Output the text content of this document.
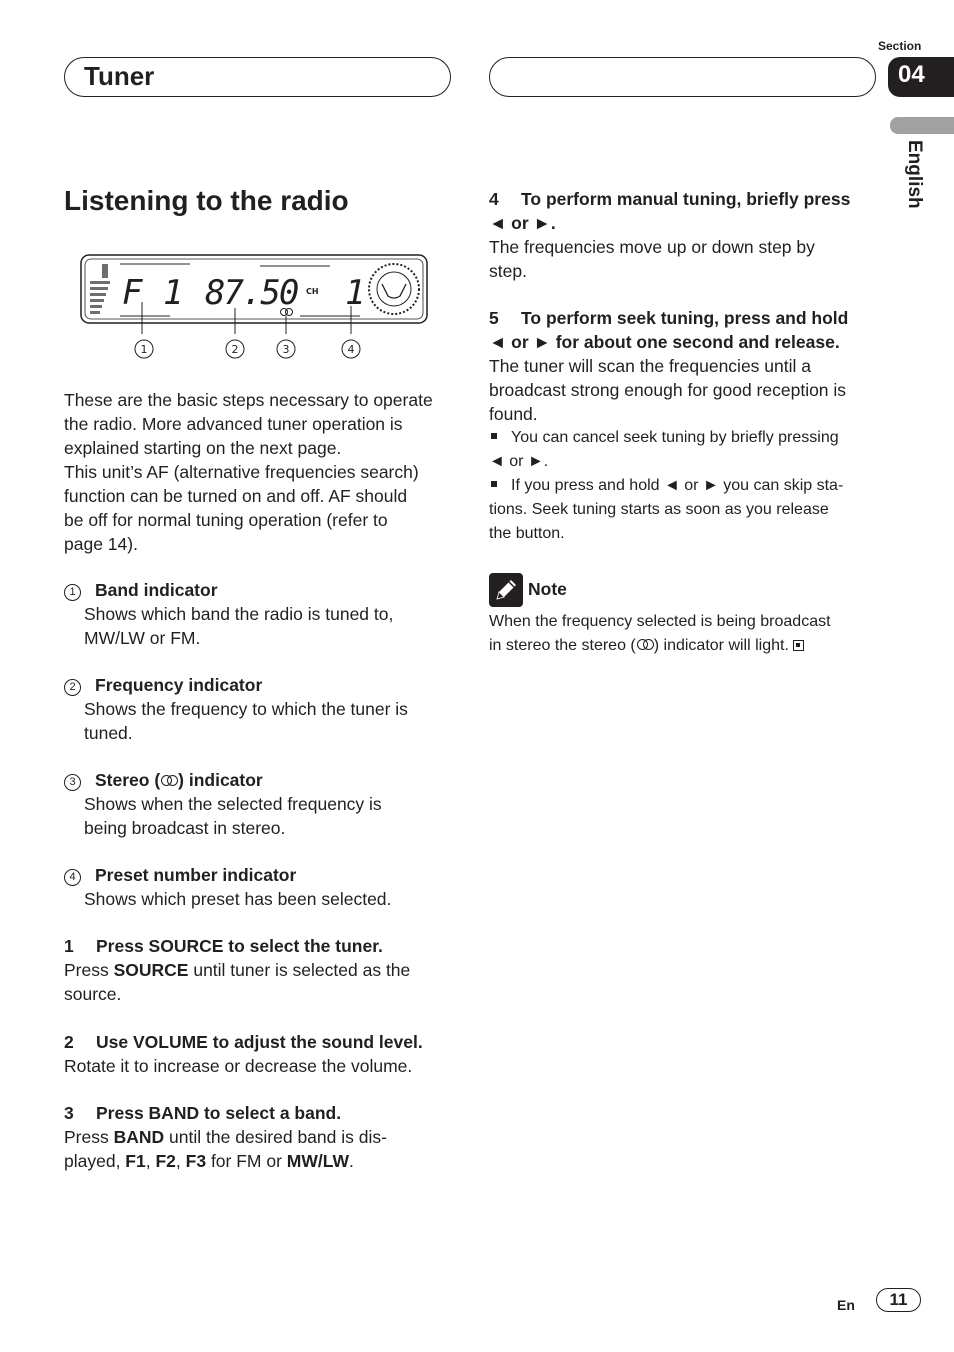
Tuner
Section
04
English
Listening to the radio
F 1 87.50 CH 1
1	2	3	4
These are the basic steps necessary to operate
the radio. More advanced tuner operation is
explained starting on the next page.
This unit’s AF (alternative frequencies search)
function can be turned on and off. AF should
be off for normal tuning operation (refer to
page 14).
1 Band indicator
Shows which band the radio is tuned to,
MW/LW or FM.
2 Frequency indicator
Shows the frequency to which the tuner is
tuned.
3 Stereo ( ) indicator
Shows when the selected frequency is
being broadcast in stereo.
4 Preset number indicator
Shows which preset has been selected.
1 Press SOURCE to select the tuner.
Press SOURCE until tuner is selected as the
source.
2 Use VOLUME to adjust the sound level.
Rotate it to increase or decrease the volume.
3 Press BAND to select a band.
Press BAND until the desired band is dis-
played, F1, F2, F3 for FM or MW/LW.
4 To perform manual tuning, briefly press
◄ or ►.
The frequencies move up or down step by
step.
5 To perform seek tuning, press and hold
◄ or ► for about one second and release.
The tuner will scan the frequencies until a
broadcast strong enough for good reception is
found.
You can cancel seek tuning by briefly pressing
◄ or ►.
If you press and hold ◄ or ► you can skip sta-
tions. Seek tuning starts as soon as you release
the button.
Note
When the frequency selected is being broadcast
in stereo the stereo ( ) indicator will light.
En	11
